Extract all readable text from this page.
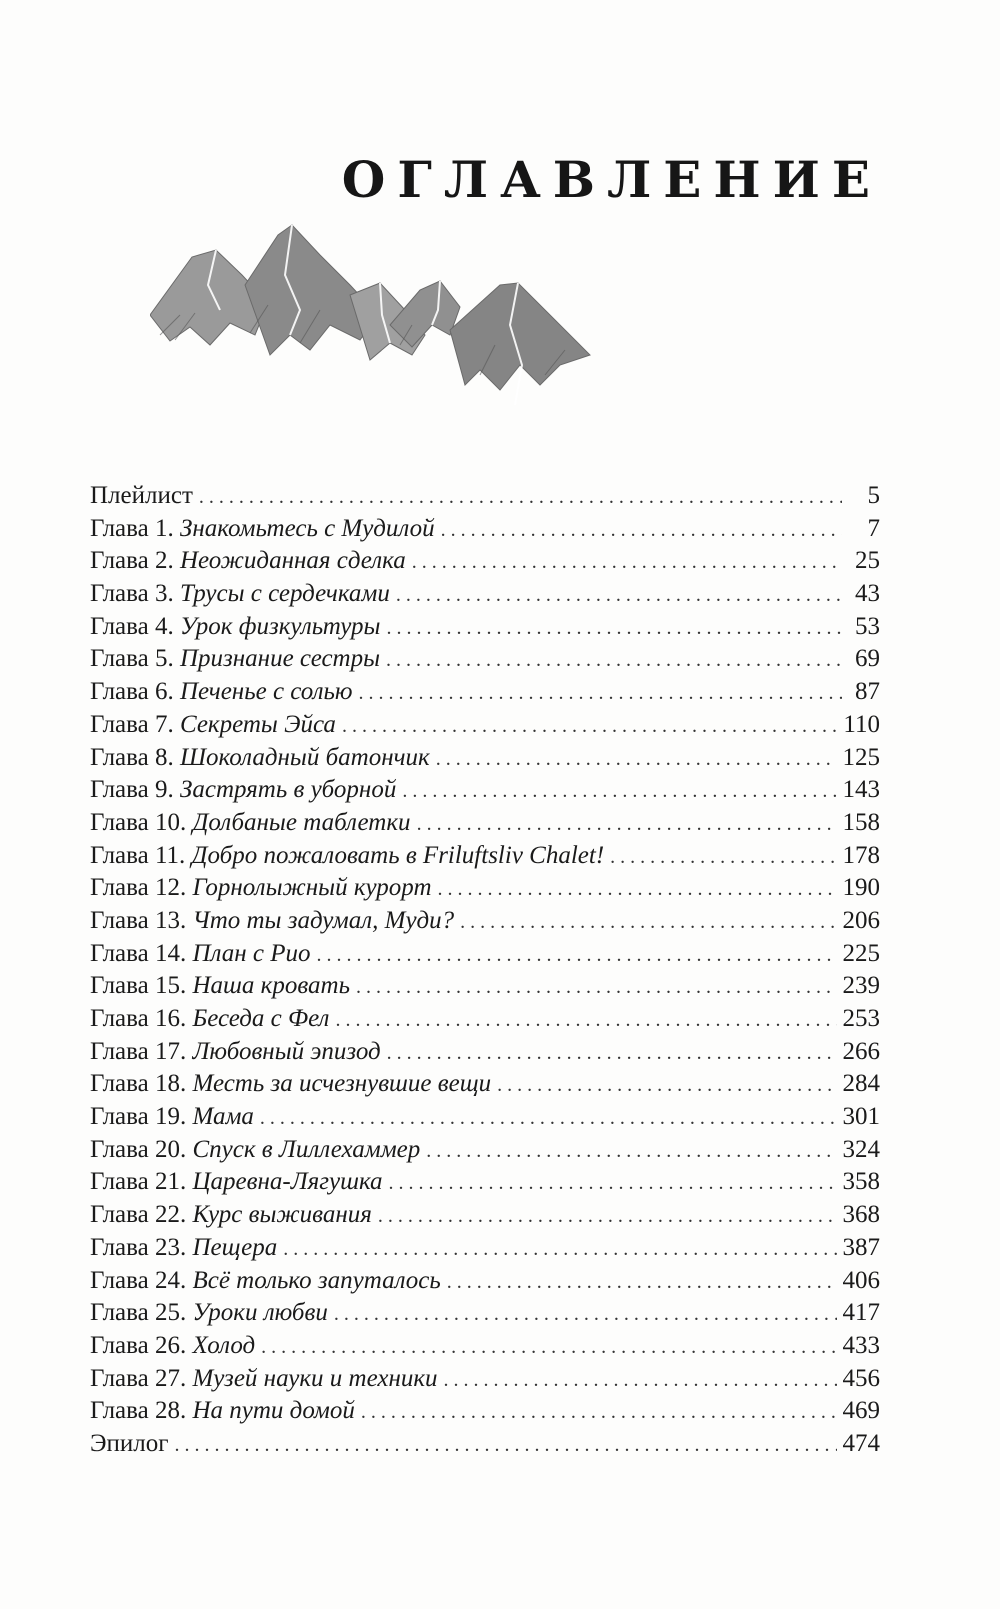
ОГЛАВЛЕНИЕ
Плейлист . . .	5
Глава 1. Знакомьтесь с Мудилой . . .	7
Глава 2. Неожиданная сделка . . .	25
Глава 3. Трусы с сердечками . . .	43
Глава 4. Урок физкультуры . . .	53
Глава 5. Признание сестры . . .	69
Глава 6. Печенье с солью . . .	87
Глава 7. Секреты Эйса . . .	110
Глава 8. Шоколадный батончик . . .	125
Глава 9. Застрять в уборной . . .	143
Глава 10. Долбаные таблетки . . .	158
Глава 11. Добро пожаловать в Friluftsliv Chalet! . . .	178
Глава 12. Горнолыжный курорт . . .	190
Глава 13. Что ты задумал, Муди? . . .	206
Глава 14. План с Рио . . .	225
Глава 15. Наша кровать . . .	239
Глава 16. Беседа с Фел . . .	253
Глава 17. Любовный эпизод . . .	266
Глава 18. Месть за исчезнувшие вещи . . .	284
Глава 19. Мама . . .	301
Глава 20. Спуск в Лиллехаммер . . .	324
Глава 21. Царевна-Лягушка . . .	358
Глава 22. Курс выживания . . .	368
Глава 23. Пещера . . .	387
Глава 24. Всё только запуталось . . .	406
Глава 25. Уроки любви . . .	417
Глава 26. Холод . . .	433
Глава 27. Музей науки и техники . . .	456
Глава 28. На пути домой . . .	469
Эпилог . . .	474
